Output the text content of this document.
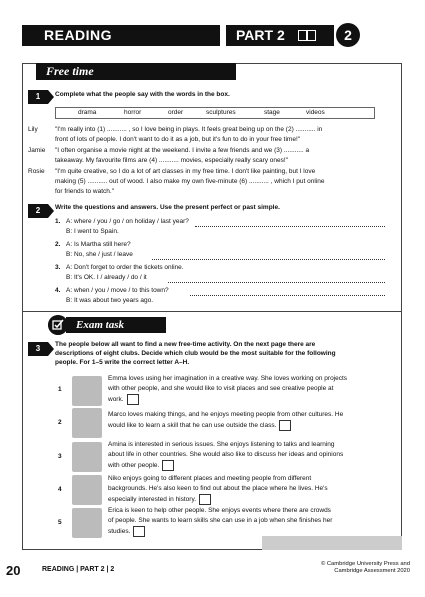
READING	PART 2	2
Free time
1	Complete what the people say with the words in the box.
drama	horror	order	sculptures	stage	videos
Lily	"I'm really into (1) ........... , so I love being in plays. It feels great being up on the (2) ........... in
front of lots of people. I don't want to do it as a job, but it's fun to do in your free time!"
Jamie "I often organise a movie night at the weekend. I invite a few friends and we (3) ........... a
takeaway. My favourite films are (4) ........... movies, especially really scary ones!"
Rosie "I'm quite creative, so I do a lot of art classes in my free time. I don't like painting, but I love
making (5) ........... out of wood. I also make my own five-minute (6) ........... , which I put online
for friends to watch."
2	Write the questions and answers. Use the present perfect or past simple.
1. A: where / you / go / on holiday / last year?
B: I went to Spain.
2. A: Is Martha still here?
B: No, she / just / leave
3. A: Don't forget to order the tickets online.
B: It's OK. I / already / do / it
4. A: when / you / move / to this town?
B: It was about two years ago.
Exam task
3	The people below all want to find a new free-time activity. On the next page there are
descriptions of eight clubs. Decide which club would be the most suitable for the following
people. For 1–5 write the correct letter A–H.
1
Emma loves using her imagination in a creative way. She loves working on projects
with other people, and she would like to visit places and see creative people at
work.
2
Marco loves making things, and he enjoys meeting people from other cultures. He
would like to learn a skill that he can use outside the class.
3
Amina is interested in serious issues. She enjoys listening to talks and learning
about life in other countries. She would also like to discuss her ideas and opinions
with other people.
4
Niko enjoys going to different places and meeting people from different
backgrounds. He's also keen to find out about the place where he lives. He's
especially interested in history.
5
Erica is keen to help other people. She enjoys events where there are crowds
of people. She wants to learn skills she can use in a job when she finishes her
studies.
20	READING | PART 2 | 2
© Cambridge University Press and
Cambridge Assessment 2020
